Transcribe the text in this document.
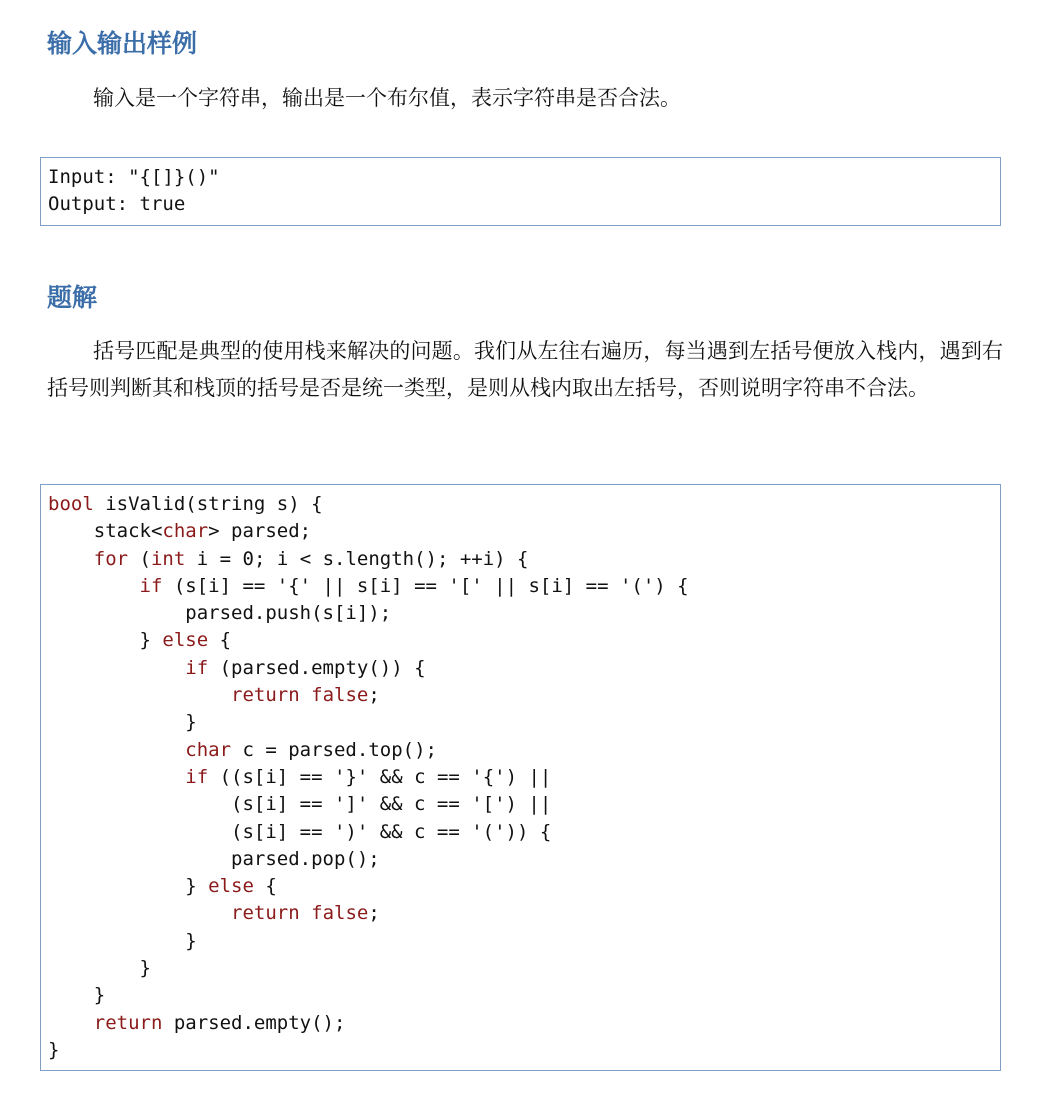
输入输出样例

输入是一个字符串，输出是一个布尔值，表示字符串是否合法。

Input: "{[]}()"
Output: true
题解

括号匹配是典型的使用栈来解决的问题。我们从左往右遍历，每当遇到左括号便放入栈内，遇到右括号则判断其和栈顶的括号是否是统一类型，是则从栈内取出左括号，否则说明字符串不合法。

bool isValid(string s) {
stack<char> parsed;
for (int i = 0; i < s.length(); ++i) {
if (s[i] == '{' || s[i] == '[' || s[i] == '(') {
parsed.push(s[i]);
} else {
if (parsed.empty()) {
return false;
}
char c = parsed.top();
if ((s[i] == '}' && c == '{') ||
(s[i] == ']' && c == '[') ||
(s[i] == ')' && c == '(')) {
parsed.pop();
} else {
return false;
}
}
}
return parsed.empty();
}
